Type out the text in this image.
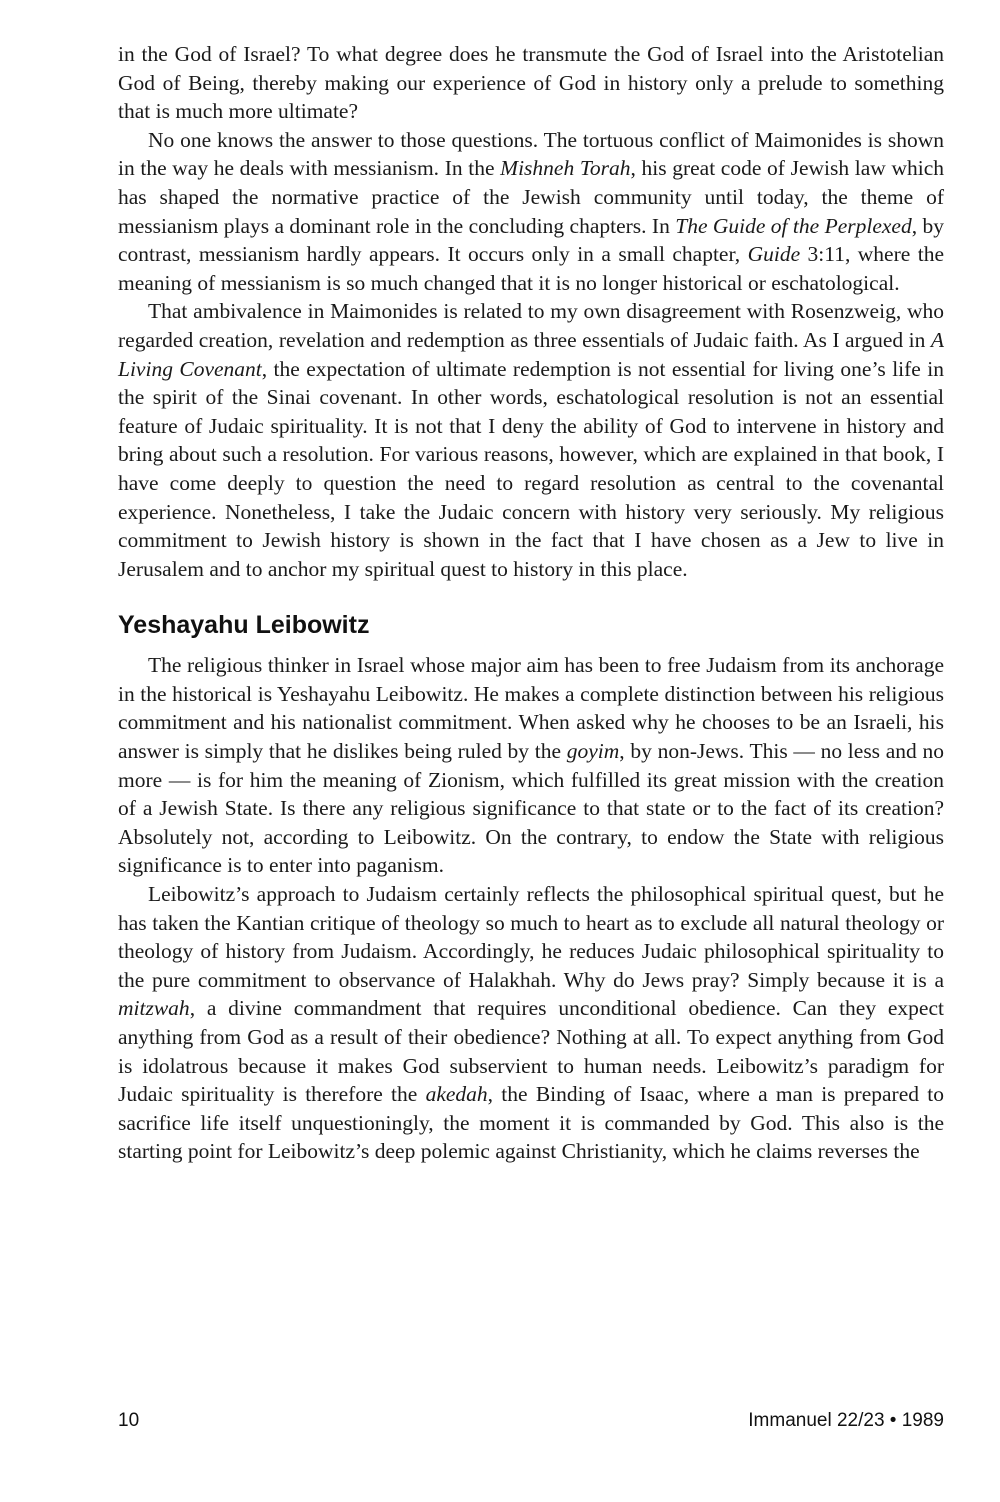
in the God of Israel? To what degree does he transmute the God of Israel into the Aristotelian God of Being, thereby making our experience of God in history only a prelude to something that is much more ultimate?

No one knows the answer to those questions. The tortuous conflict of Maimonides is shown in the way he deals with messianism. In the Mishneh Torah, his great code of Jewish law which has shaped the normative practice of the Jewish community until today, the theme of messianism plays a dominant role in the concluding chapters. In The Guide of the Perplexed, by contrast, messianism hardly appears. It occurs only in a small chapter, Guide 3:11, where the meaning of messianism is so much changed that it is no longer historical or eschatological.

That ambivalence in Maimonides is related to my own disagreement with Rosenzweig, who regarded creation, revelation and redemption as three essentials of Judaic faith. As I argued in A Living Covenant, the expectation of ultimate redemption is not essential for living one’s life in the spirit of the Sinai covenant. In other words, eschatological resolution is not an essential feature of Judaic spirituality. It is not that I deny the ability of God to intervene in history and bring about such a resolution. For various reasons, however, which are explained in that book, I have come deeply to question the need to regard resolution as central to the covenantal experience. Nonetheless, I take the Judaic concern with history very seriously. My religious commitment to Jewish history is shown in the fact that I have chosen as a Jew to live in Jerusalem and to anchor my spiritual quest to history in this place.

Yeshayahu Leibowitz

The religious thinker in Israel whose major aim has been to free Judaism from its anchorage in the historical is Yeshayahu Leibowitz. He makes a complete distinction between his religious commitment and his nationalist commitment. When asked why he chooses to be an Israeli, his answer is simply that he dislikes being ruled by the goyim, by non-Jews. This — no less and no more — is for him the meaning of Zionism, which fulfilled its great mission with the creation of a Jewish State. Is there any religious significance to that state or to the fact of its creation? Absolutely not, according to Leibowitz. On the contrary, to endow the State with religious significance is to enter into paganism.

Leibowitz’s approach to Judaism certainly reflects the philosophical spiritual quest, but he has taken the Kantian critique of theology so much to heart as to exclude all natural theology or theology of history from Judaism. Accordingly, he reduces Judaic philosophical spirituality to the pure commitment to observance of Halakhah. Why do Jews pray? Simply because it is a mitzwah, a divine commandment that requires unconditional obedience. Can they expect anything from God as a result of their obedience? Nothing at all. To expect anything from God is idolatrous because it makes God subservient to human needs. Leibowitz’s paradigm for Judaic spirituality is therefore the akedah, the Binding of Isaac, where a man is prepared to sacrifice life itself unquestioningly, the moment it is commanded by God. This also is the starting point for Leibowitz’s deep polemic against Christianity, which he claims reverses the

10	Immanuel 22/23 • 1989
